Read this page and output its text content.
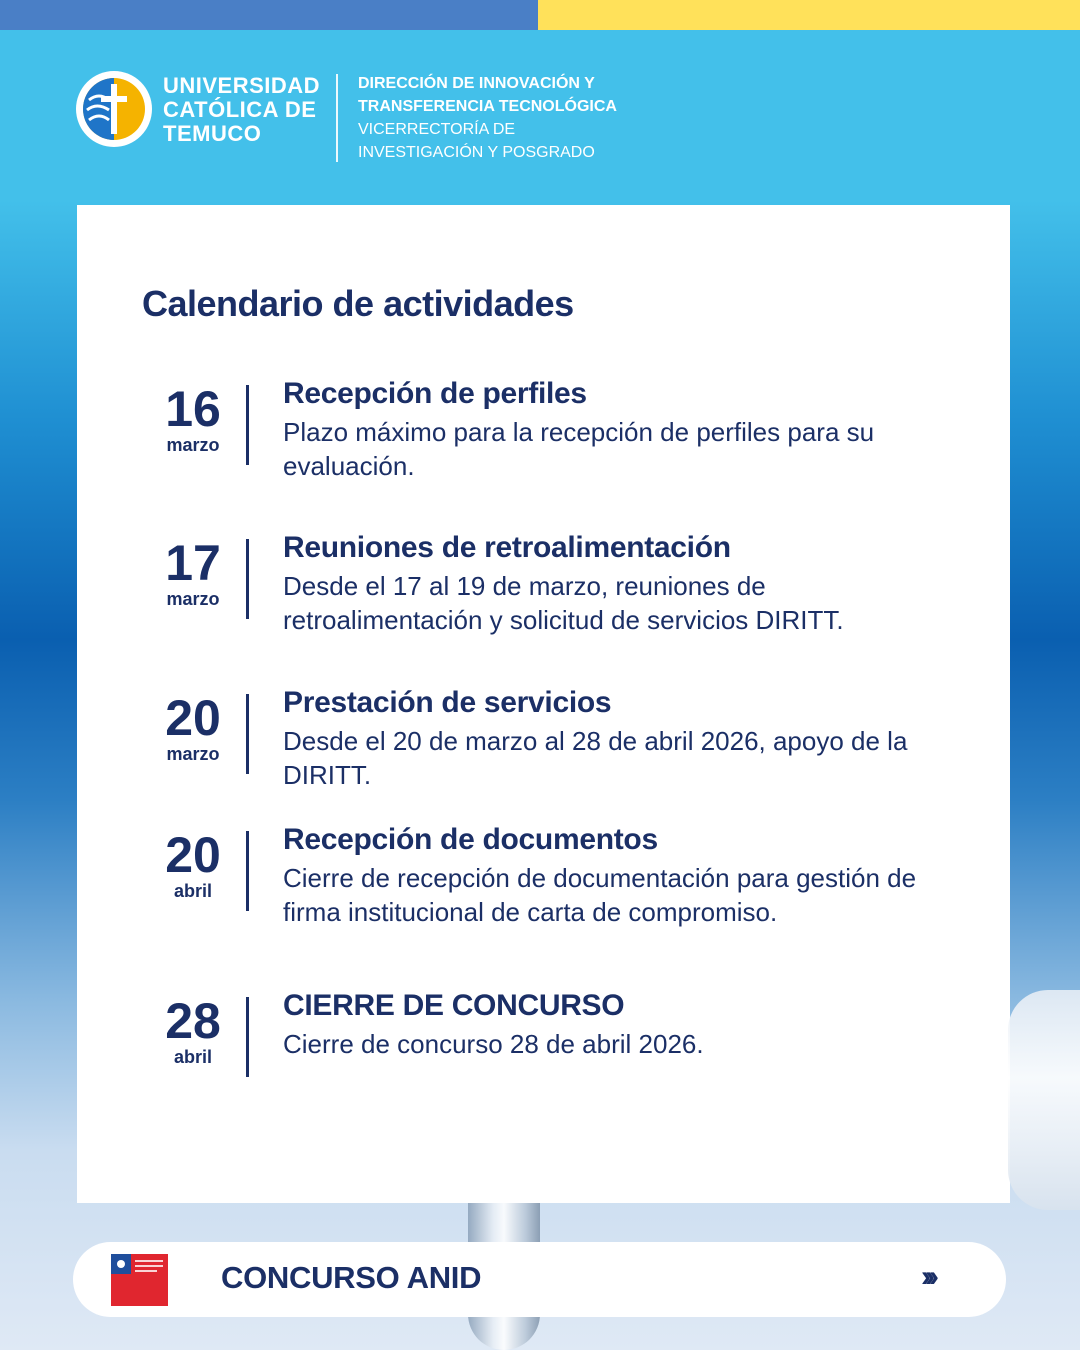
UNIVERSIDAD
CATÓLICA DE
TEMUCO
DIRECCIÓN DE INNOVACIÓN Y
TRANSFERENCIA TECNOLÓGICA
VICERRECTORÍA DE
INVESTIGACIÓN Y POSGRADO
Calendario de actividades
16
marzo
Recepción de perfiles
Plazo máximo para la recepción de perfiles para su evaluación.
17
marzo
Reuniones de retroalimentación
Desde el 17 al 19 de marzo, reuniones de retroalimentación y solicitud de servicios DIRITT.
20
marzo
Prestación de servicios
Desde el 20 de marzo al 28 de abril 2026, apoyo de la DIRITT.
20
abril
Recepción de documentos
Cierre de recepción de documentación para gestión de firma institucional de carta de compromiso.
28
abril
CIERRE DE CONCURSO
Cierre de concurso 28 de abril 2026.
CONCURSO ANID	›››
